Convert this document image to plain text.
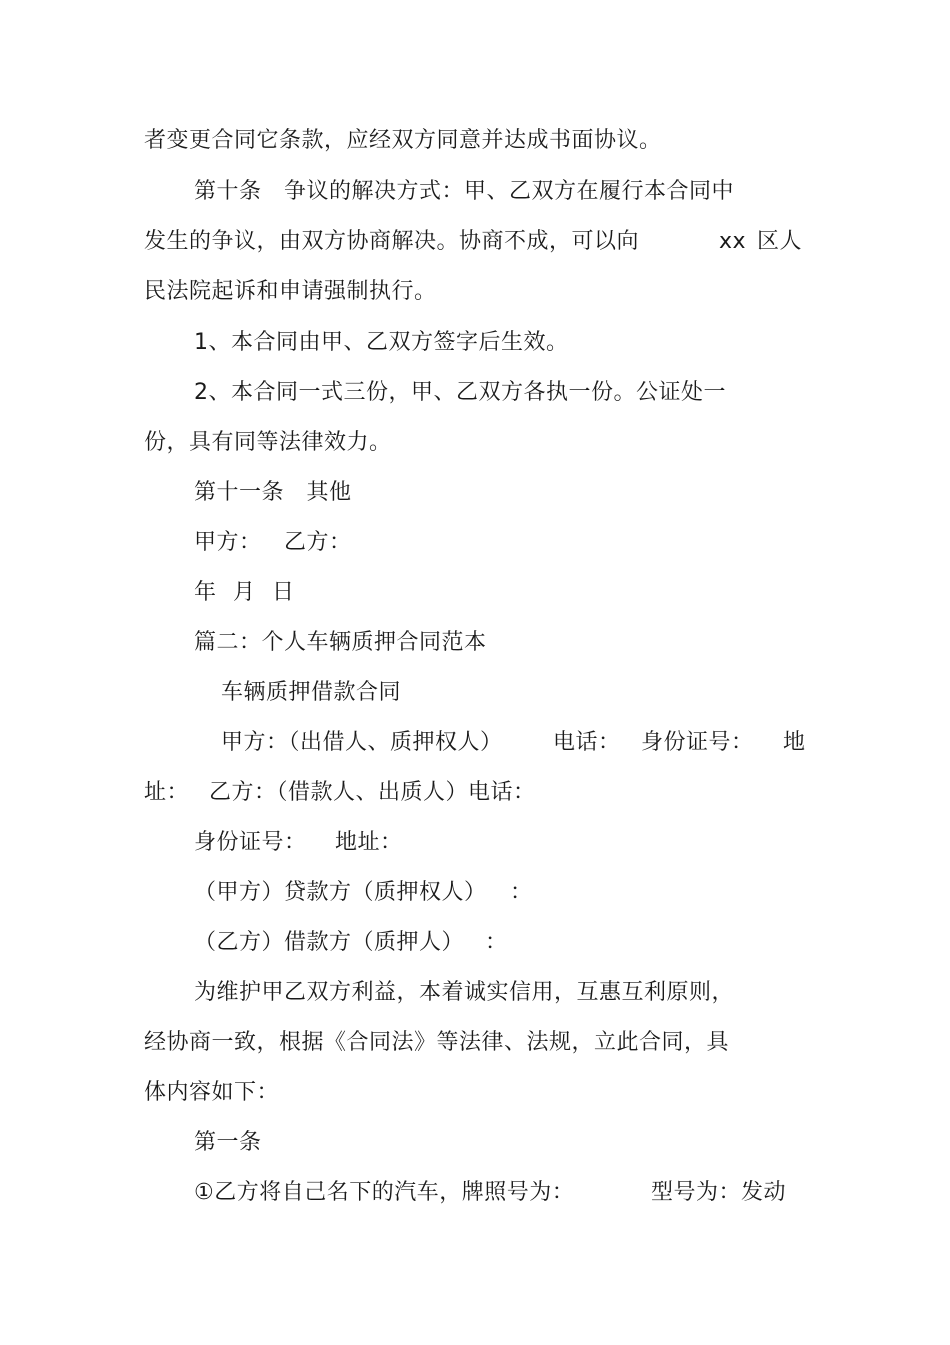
者变更合同它条款，应经双方同意并达成书面协议。
第十条　争议的解决方式：甲、乙双方在履行本合同中
发生的争议，由双方协商解决。协商不成，可以向	xx 区人
民法院起诉和申请强制执行。
1、本合同由甲、乙双方签字后生效。
2、本合同一式三份，甲、乙双方各执一份。公证处一
份，具有同等法律效力。
第十一条　其他
甲方： 乙方：
年 月 日
篇二：个人车辆质押合同范本
车辆质押借款合同
甲方：（出借人、质押权人） 电话： 身份证号： 地
址： 乙方：（借款人、出质人）电话：
身份证号： 地址：
（甲方）贷款方（质押权人） ：
（乙方）借款方（质押人） ：
为维护甲乙双方利益，本着诚实信用，互惠互利原则，
经协商一致，根据《合同法》等法律、法规，立此合同，具
体内容如下：
第一条
①乙方将自己名下的汽车，牌照号为：	型号为：发动
